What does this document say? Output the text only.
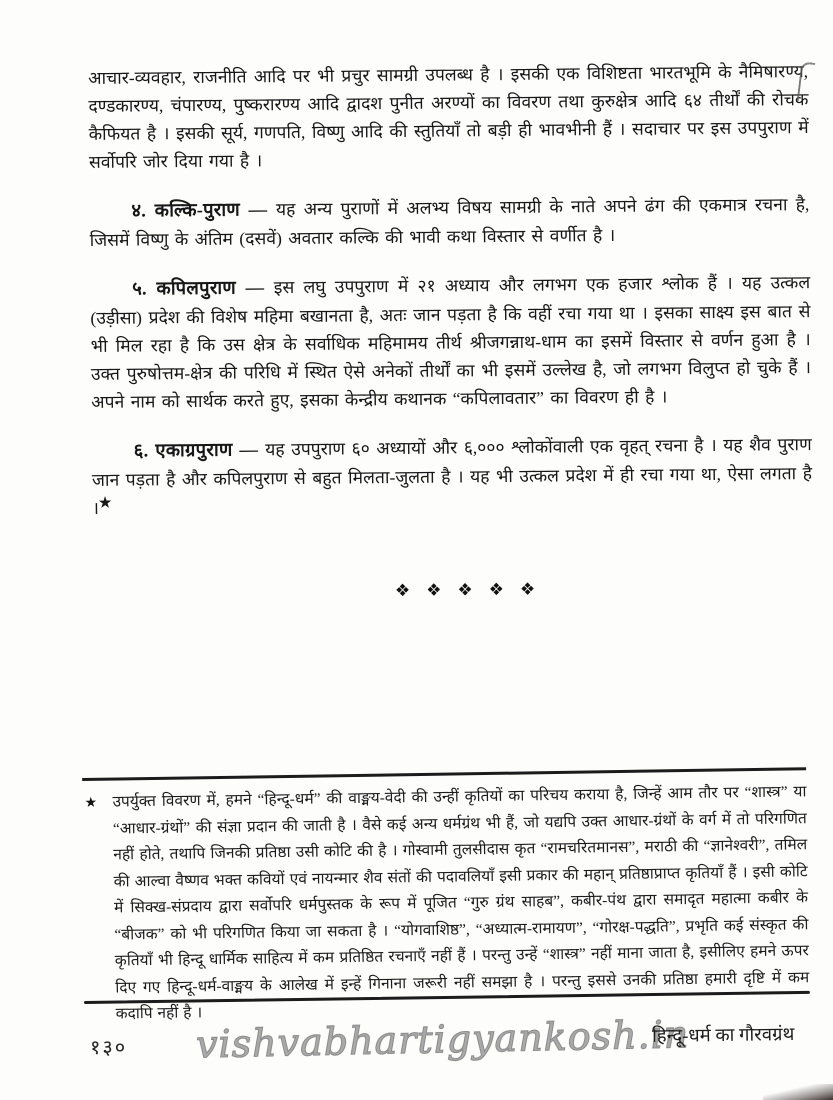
आचार-व्यवहार, राजनीति आदि पर भी प्रचुर सामग्री उपलब्ध है । इसकी एक विशिष्टता भारतभूमि के नैमिषारण्य, दण्डकारण्य, चंपारण्य, पुष्करारण्य आदि द्वादश पुनीत अरण्यों का विवरण तथा कुरुक्षेत्र आदि ६४ तीर्थों की रोचक कैफियत है । इसकी सूर्य, गणपति, विष्णु आदि की स्तुतियाँ तो बड़ी ही भावभीनी हैं । सदाचार पर इस उपपुराण में सर्वोपरि जोर दिया गया है ।

४. कल्कि-पुराण — यह अन्य पुराणों में अलभ्य विषय सामग्री के नाते अपने ढंग की एकमात्र रचना है, जिसमें विष्णु के अंतिम (दसवें) अवतार कल्कि की भावी कथा विस्तार से वर्णीत है ।

५. कपिलपुराण — इस लघु उपपुराण में २१ अध्याय और लगभग एक हजार श्लोक हैं । यह उत्कल (उड़ीसा) प्रदेश की विशेष महिमा बखानता है, अतः जान पड़ता है कि वहीं रचा गया था । इसका साक्ष्य इस बात से भी मिल रहा है कि उस क्षेत्र के सर्वाधिक महिमामय तीर्थ श्रीजगन्नाथ-धाम का इसमें विस्तार से वर्णन हुआ है । उक्त पुरुषोत्तम-क्षेत्र की परिधि में स्थित ऐसे अनेकों तीर्थों का भी इसमें उल्लेख है, जो लगभग विलुप्त हो चुके हैं । अपने नाम को सार्थक करते हुए, इसका केन्द्रीय कथानक “कपिलावतार” का विवरण ही है ।

६. एकाग्रपुराण — यह उपपुराण ६० अध्यायों और ६,००० श्लोकोंवाली एक वृहत् रचना है । यह शैव पुराण जान पड़ता है और कपिलपुराण से बहुत मिलता-जुलता है । यह भी उत्कल प्रदेश में ही रचा गया था, ऐसा लगता है ।★

❖❖❖❖❖
★ उपर्युक्त विवरण में, हमने “हिन्दू-धर्म” की वाङ्मय-वेदी की उन्हीं कृतियों का परिचय कराया है, जिन्हें आम तौर पर “शास्त्र” या “आधार-ग्रंथों” की संज्ञा प्रदान की जाती है । वैसे कई अन्य धर्मग्रंथ भी हैं, जो यद्यपि उक्त आधार-ग्रंथों के वर्ग में तो परिगणित नहीं होते, तथापि जिनकी प्रतिष्ठा उसी कोटि की है । गोस्वामी तुलसीदास कृत “रामचरितमानस”, मराठी की “ज्ञानेश्वरी”, तमिल की आल्वा वैष्णव भक्त कवियों एवं नायन्मार शैव संतों की पदावलियाँ इसी प्रकार की महान् प्रतिष्ठाप्राप्त कृतियाँ हैं । इसी कोटि में सिक्ख-संप्रदाय द्वारा सर्वोपरि धर्मपुस्तक के रूप में पूजित “गुरु ग्रंथ साहब”, कबीर-पंथ द्वारा समादृत महात्मा कबीर के “बीजक” को भी परिगणित किया जा सकता है । “योगवाशिष्ठ”, “अध्यात्म-रामायण”, “गोरक्ष-पद्धति”, प्रभृति कई संस्कृत की कृतियाँ भी हिन्दू धार्मिक साहित्य में कम प्रतिष्ठित रचनाएँ नहीं हैं । परन्तु उन्हें “शास्त्र” नहीं माना जाता है, इसीलिए हमने ऊपर दिए गए हिन्दू-धर्म-वाङ्मय के आलेख में इन्हें गिनाना जरूरी नहीं समझा है । परन्तु इससे उनकी प्रतिष्ठा हमारी दृष्टि में कम कदापि नहीं है ।
१३० vishvabhartigyankosh.in
हिन्दू-धर्म का गौरवग्रंथ
